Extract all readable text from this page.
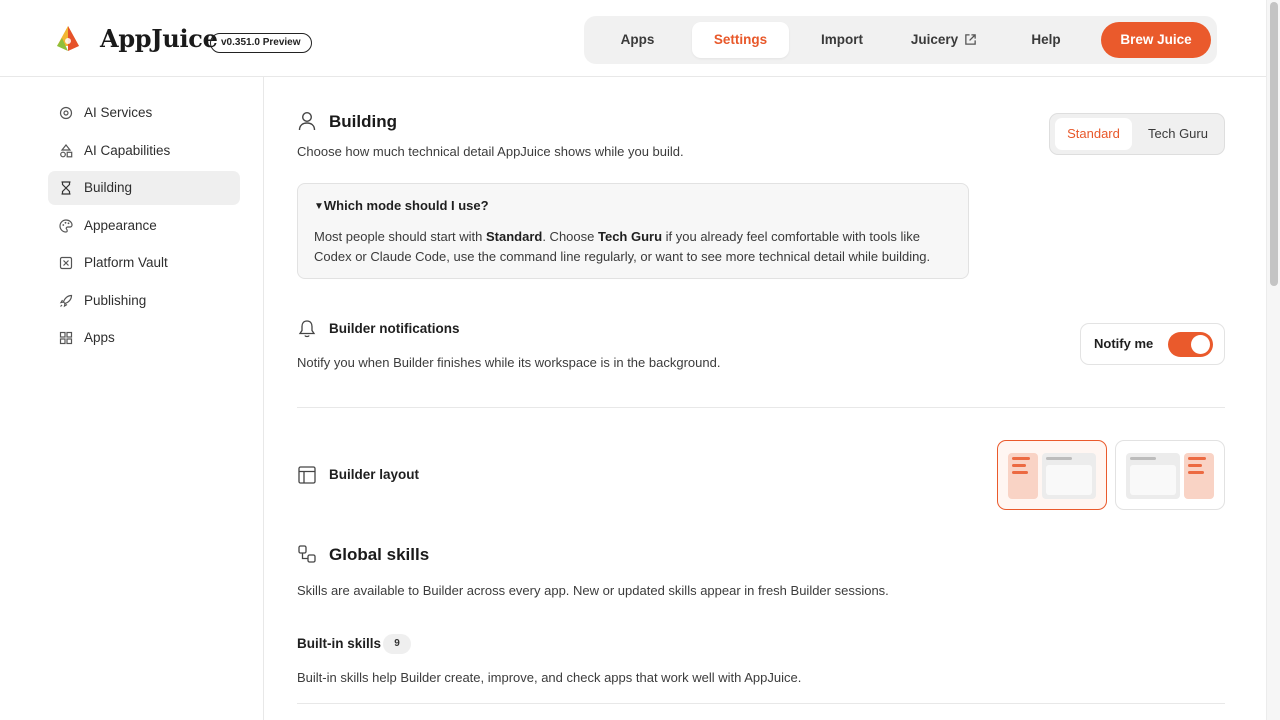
AppJuice v0.351.0 Preview	Apps	Settings	Import	Juicery	Help	Brew Juice
AI Services
AI Capabilities
Building
Appearance
Platform Vault
Publishing
Apps
Building
Choose how much technical detail AppJuice shows while you build.
Standard	Tech Guru
▼Which mode should I use?
Most people should start with Standard. Choose Tech Guru if you already feel comfortable with tools like Codex or Claude Code, use the command line regularly, or want to see more technical detail while building.
Builder notifications
Notify you when Builder finishes while its workspace is in the background.
Notify me
Builder layout
Global skills
Skills are available to Builder across every app. New or updated skills appear in fresh Builder sessions.
Built-in skills	9
Built-in skills help Builder create, improve, and check apps that work well with AppJuice.
